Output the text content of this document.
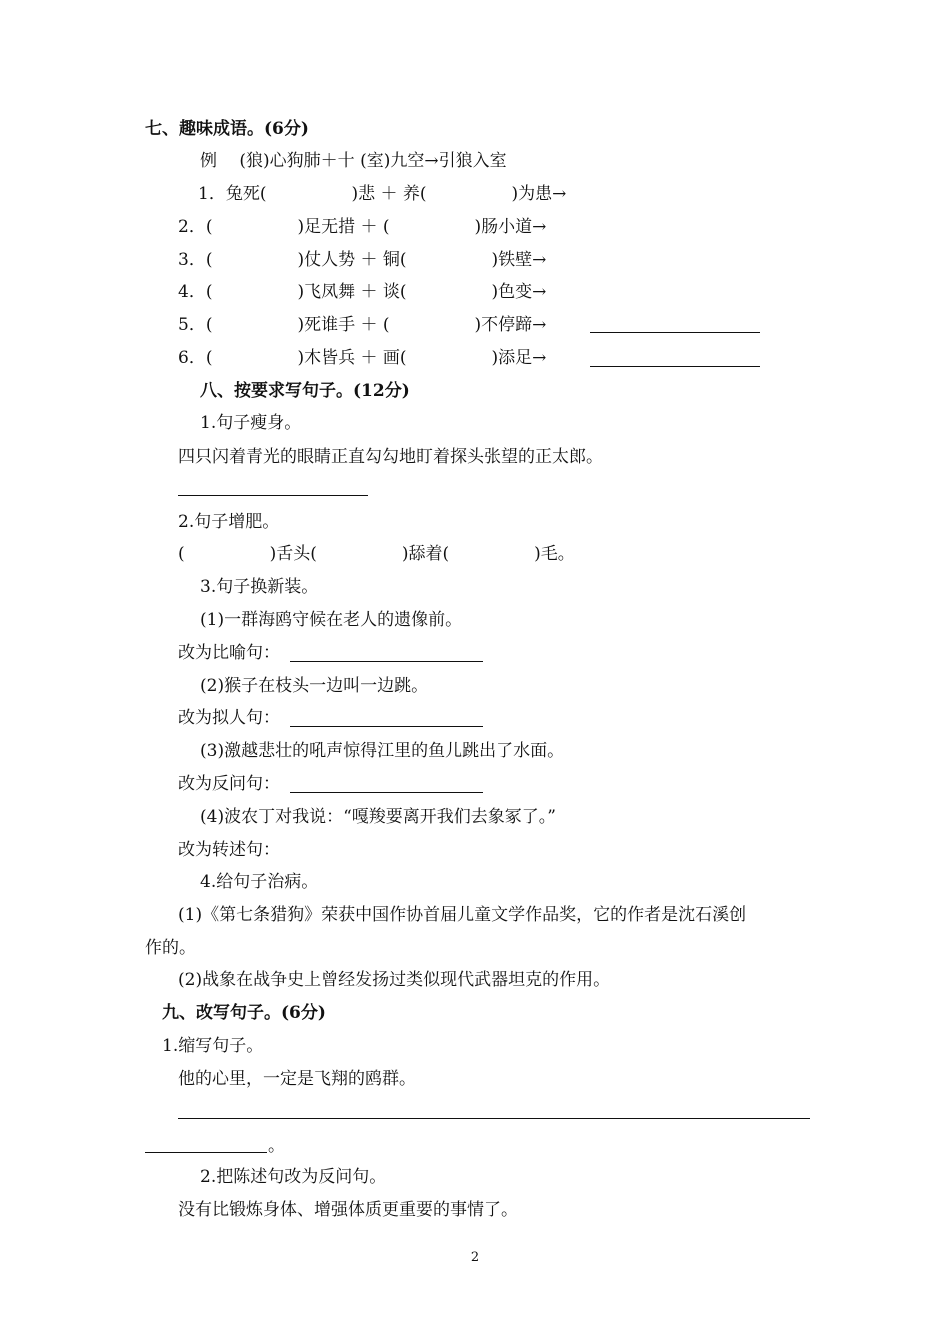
七、趣味成语。(6分)
例 　(狼)心狗肺＋十 (室)九空→引狼入室
1．兔死(　　　　　)悲 ＋ 养(　　　　　)为患→
2．(　　　　　)足无措 ＋ (　　　　　)肠小道→
3．(　　　　　)仗人势 ＋ 铜(　　　　　)铁壁→
4．(　　　　　)飞凤舞 ＋ 谈(　　　　　)色变→
5．(　　　　　)死谁手 ＋ (　　　　　)不停蹄→
6．(　　　　　)木皆兵 ＋ 画(　　　　　)添足→
八、按要求写句子。(12分)
1.句子瘦身。
四只闪着青光的眼睛正直勾勾地盯着探头张望的正太郎。
2.句子增肥。
(　　　　　)舌头(　　　　　)舔着(　　　　　)毛。
3.句子换新装。
(1)一群海鸥守候在老人的遗像前。
改为比喻句：
(2)猴子在枝头一边叫一边跳。
改为拟人句：
(3)激越悲壮的吼声惊得江里的鱼儿跳出了水面。
改为反问句：
(4)波农丁对我说：“嘎羧要离开我们去象冢了。”
改为转述句：
4.给句子治病。
(1)《第七条猎狗》荣获中国作协首届儿童文学作品奖，它的作者是沈石溪创
作的。
(2)战象在战争史上曾经发扬过类似现代武器坦克的作用。
九、改写句子。(6分)
1.缩写句子。
他的心里，一定是飞翔的鸥群。
。
2.把陈述句改为反问句。
没有比锻炼身体、增强体质更重要的事情了。
2
